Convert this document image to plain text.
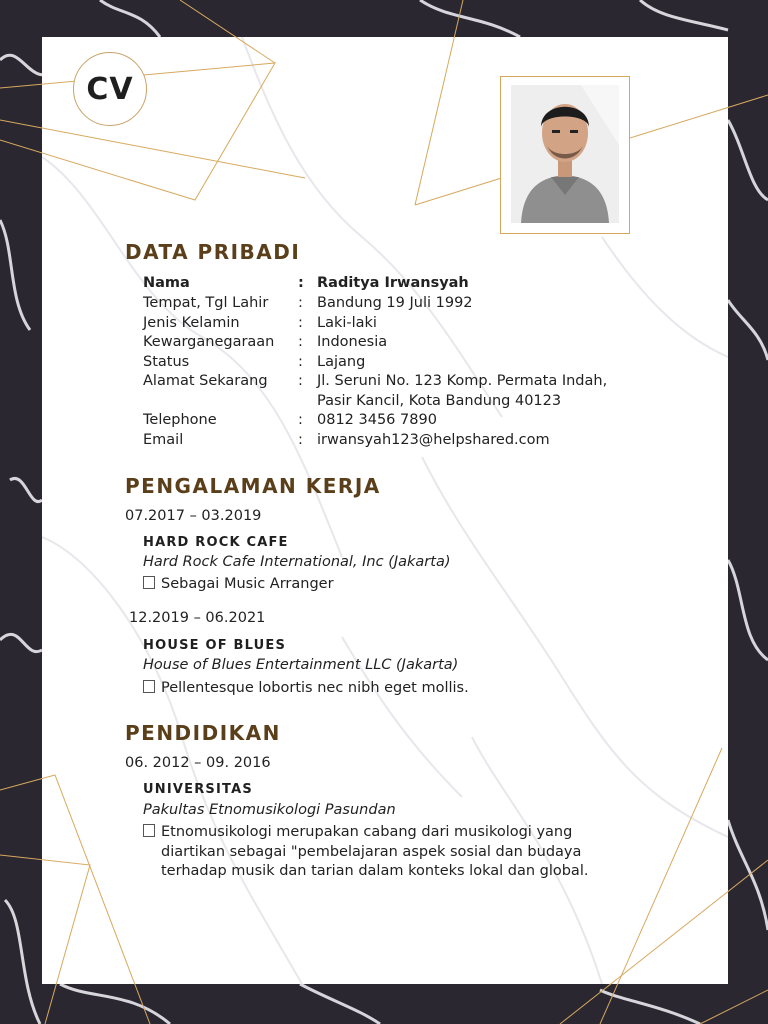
CV
DATA PRIBADI
Nama	: Raditya Irwansyah
Tempat, Tgl Lahir : Bandung 19 Juli 1992
Jenis Kelamin	: Laki-laki
Kewarganegaraan : Indonesia
Status	: Lajang
Alamat Sekarang : Jl. Seruni No. 123 Komp. Permata Indah,
Pasir Kancil, Kota Bandung 40123
Telephone	: 0812 3456 7890
Email	: irwansyah123@helpshared.com
PENGALAMAN KERJA
07.2017 – 03.2019
HARD ROCK CAFE
Hard Rock Cafe International, Inc (Jakarta)
Sebagai Music Arranger
12.2019 – 06.2021
HOUSE OF BLUES
House of Blues Entertainment LLC (Jakarta)
Pellentesque lobortis nec nibh eget mollis.
PENDIDIKAN
06. 2012 – 09. 2016
UNIVERSITAS
Pakultas Etnomusikologi Pasundan
Etnomusikologi merupakan cabang dari musikologi yang
diartikan sebagai "pembelajaran aspek sosial dan budaya
terhadap musik dan tarian dalam konteks lokal dan global.
